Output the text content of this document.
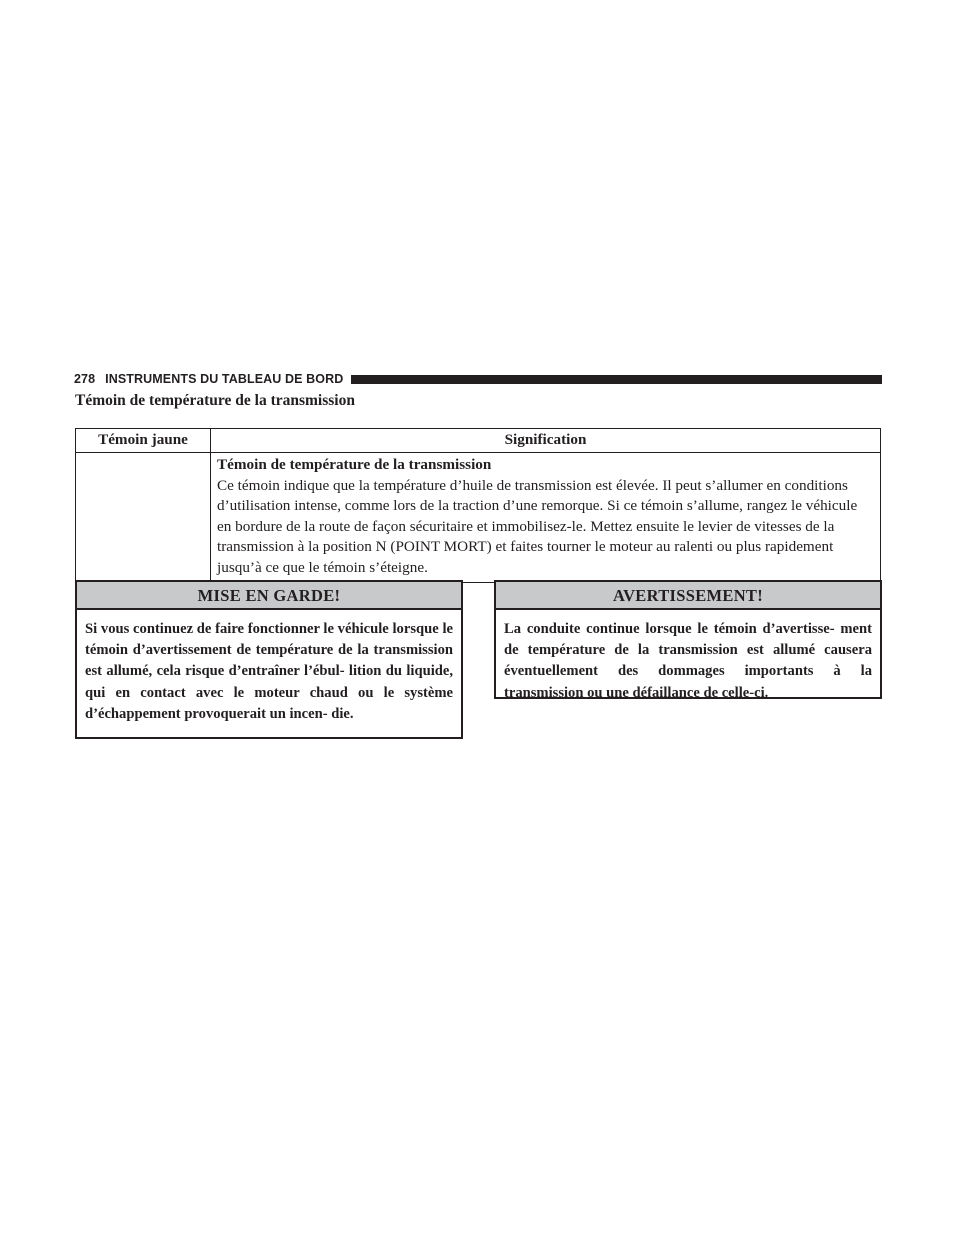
278 INSTRUMENTS DU TABLEAU DE BORD
Témoin de température de la transmission
Témoin jaune	Signification

	Témoin de température de la transmission
Ce témoin indique que la température d’huile de transmission est élevée. Il peut s’allumer en conditions d’utilisation intense, comme lors de la traction d’une remorque. Si ce témoin s’allume, rangez le véhicule en bordure de la route de façon sécuritaire et immobilisez-le. Mettez ensuite le levier de vitesses de la transmission à la position N (POINT MORT) et faites tourner le moteur au ralenti ou plus rapidement jusqu’à ce que le témoin s’éteigne.
MISE EN GARDE!
Si vous continuez de faire fonctionner le véhicule lorsque le témoin d’avertissement de température de la transmission est allumé, cela risque d’entraîner l’ébul- lition du liquide, qui en contact avec le moteur chaud ou le système d’échappement provoquerait un incen- die.
AVERTISSEMENT!
La conduite continue lorsque le témoin d’avertisse- ment de température de la transmission est allumé causera éventuellement des dommages importants à la transmission ou une défaillance de celle-ci.
